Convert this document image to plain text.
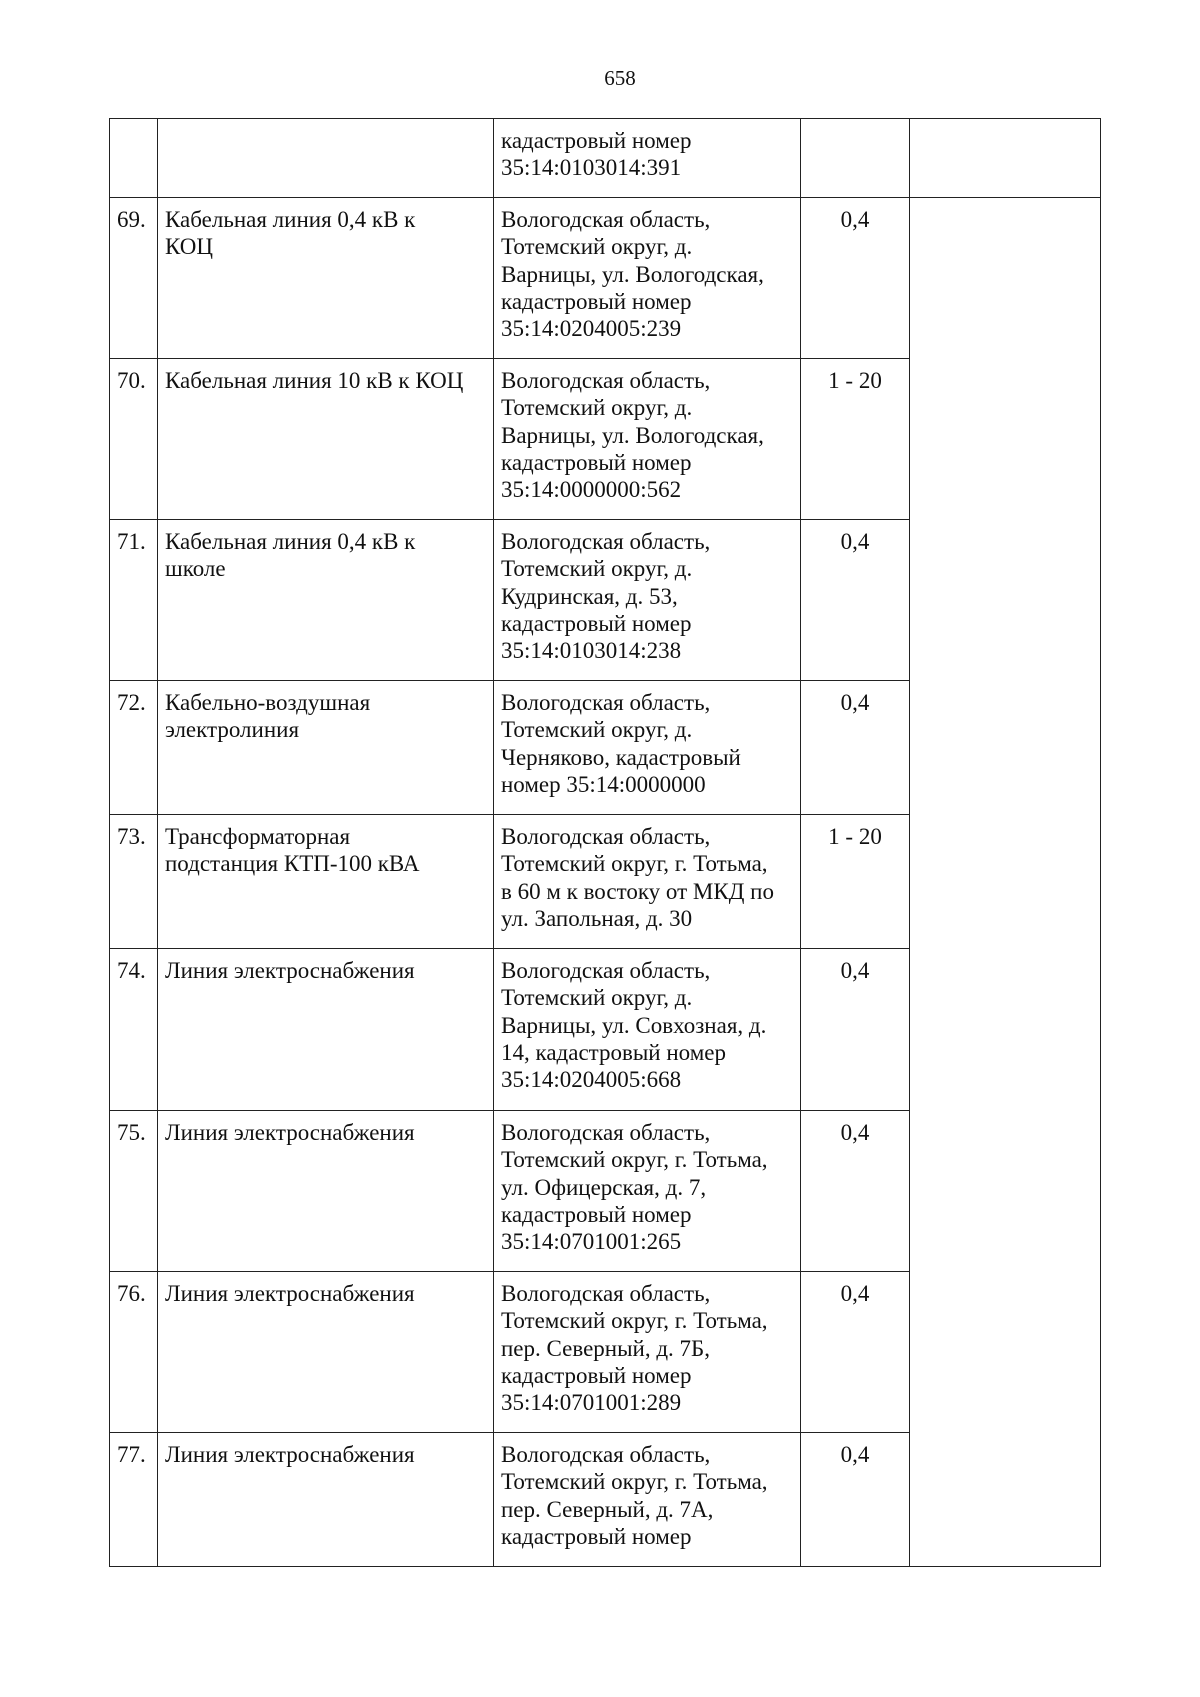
658

		кадастровый номер
35:14:0103014:391		

69.	Кабельная линия 0,4 кВ к
КОЦ	Вологодская область,
Тотемский округ, д.
Варницы, ул. Вологодская,
кадастровый номер
35:14:0204005:239	0,4	
70.	Кабельная линия 10 кВ к КОЦ	Вологодская область,
Тотемский округ, д.
Варницы, ул. Вологодская,
кадастровый номер
35:14:0000000:562	1 - 20	
71.	Кабельная линия 0,4 кВ к
школе	Вологодская область,
Тотемский округ, д.
Кудринская, д. 53,
кадастровый номер
35:14:0103014:238	0,4	
72.	Кабельно-воздушная
электролиния	Вологодская область,
Тотемский округ, д.
Черняково, кадастровый
номер 35:14:0000000	0,4	
73.	Трансформаторная
подстанция КТП-100 кВА	Вологодская область,
Тотемский округ, г. Тотьма,
в 60 м к востоку от МКД по
ул. Запольная, д. 30	1 - 20	
74.	Линия электроснабжения	Вологодская область,
Тотемский округ, д.
Варницы, ул. Совхозная, д.
14, кадастровый номер
35:14:0204005:668	0,4	
75.	Линия электроснабжения	Вологодская область,
Тотемский округ, г. Тотьма,
ул. Офицерская, д. 7,
кадастровый номер
35:14:0701001:265	0,4	
76.	Линия электроснабжения	Вологодская область,
Тотемский округ, г. Тотьма,
пер. Северный, д. 7Б,
кадастровый номер
35:14:0701001:289	0,4	
77.	Линия электроснабжения	Вологодская область,
Тотемский округ, г. Тотьма,
пер. Северный, д. 7А,
кадастровый номер	0,4	
